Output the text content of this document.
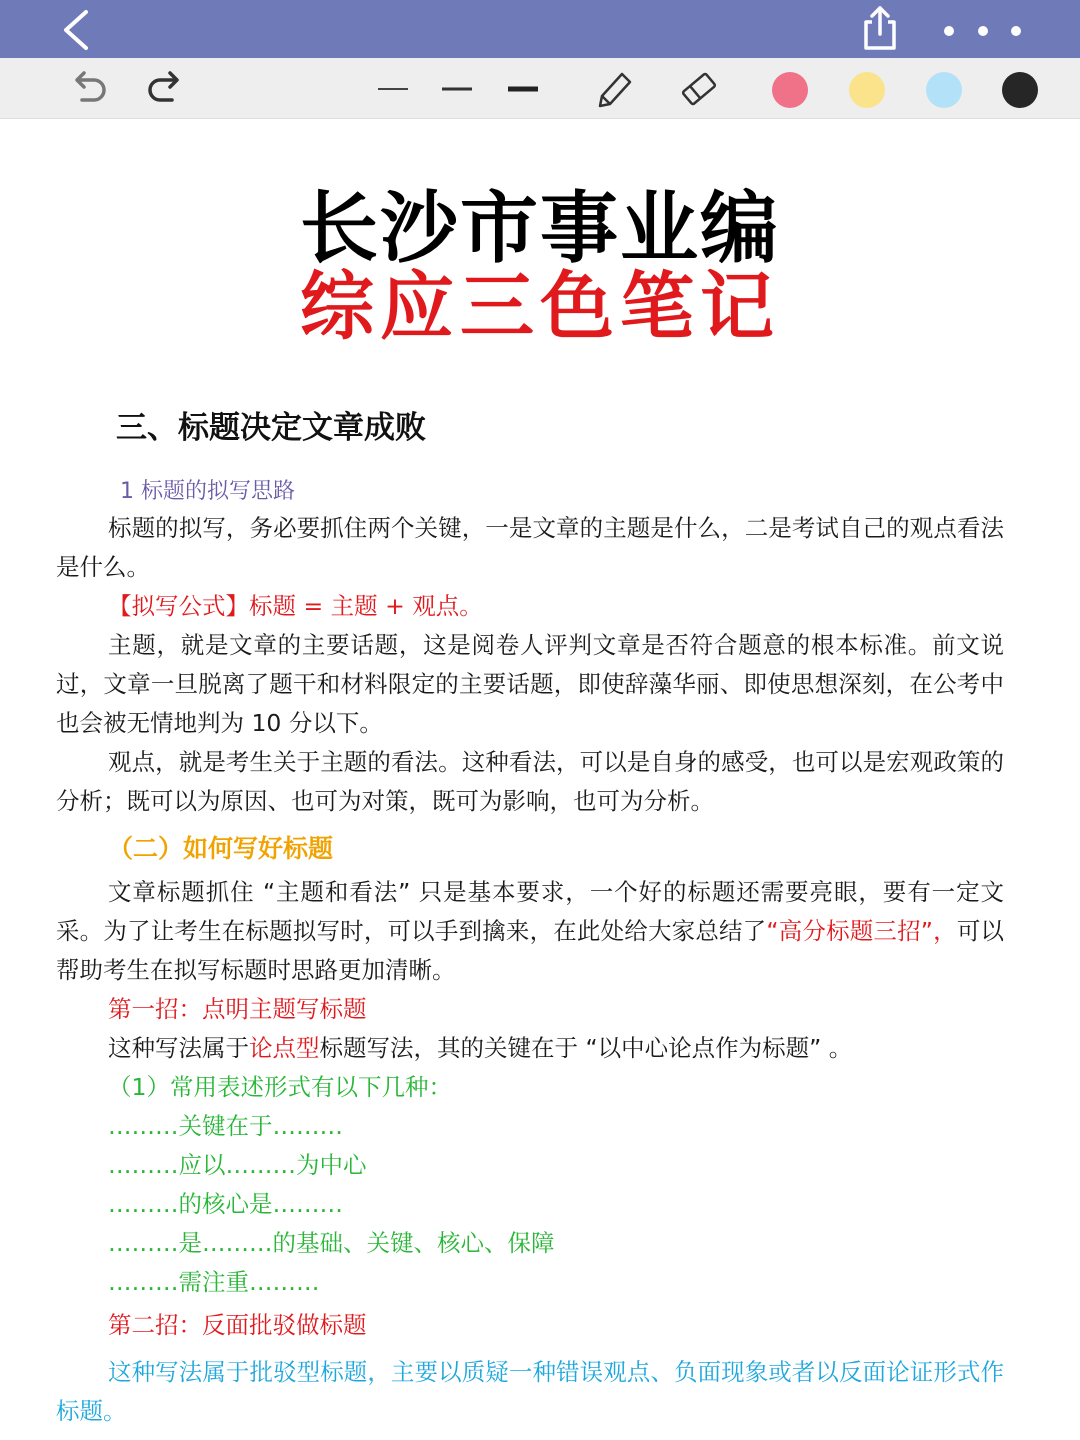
长沙市事业编
综应三色笔记
三、标题决定文章成败
1 标题的拟写思路

标题的拟写，务必要抓住两个关键，一是文章的主题是什么，二是考试自己的观点看法是什么。

【拟写公式】标题 = 主题 + 观点。

主题，就是文章的主要话题，这是阅卷人评判文章是否符合题意的根本标准。前文说过，文章一旦脱离了题干和材料限定的主要话题，即使辞藻华丽、即使思想深刻，在公考中也会被无情地判为 10 分以下。

观点，就是考生关于主题的看法。这种看法，可以是自身的感受，也可以是宏观政策的分析；既可以为原因、也可为对策，既可为影响，也可为分析。

（二）如何写好标题

文章标题抓住 “主题和看法” 只是基本要求，一个好的标题还需要亮眼，要有一定文采。为了让考生在标题拟写时，可以手到擒来，在此处给大家总结了“高分标题三招”，可以帮助考生在拟写标题时思路更加清晰。

第一招：点明主题写标题

这种写法属于论点型标题写法，其的关键在于 “以中心论点作为标题” 。

（1）常用表述形式有以下几种：
………关键在于………
………应以………为中心
………的核心是………
………是………的基础、关键、核心、保障
………需注重………
第二招：反面批驳做标题

这种写法属于批驳型标题，主要以质疑一种错误观点、负面现象或者以反面论证形式作标题。
